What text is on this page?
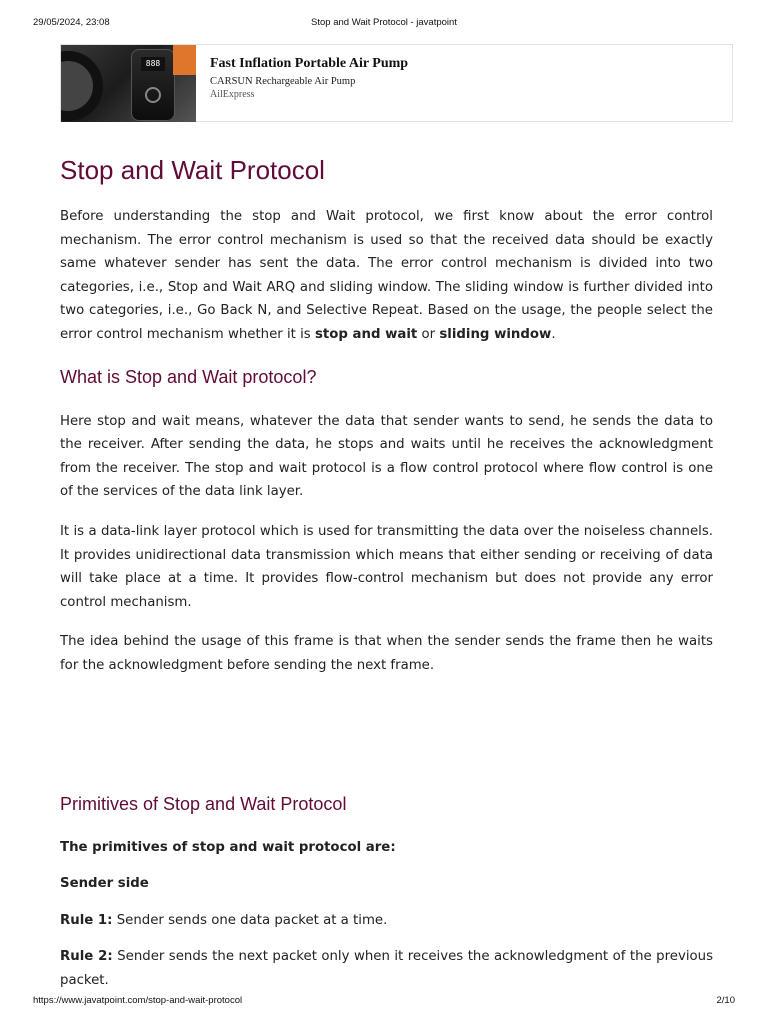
29/05/2024, 23:08	Stop and Wait Protocol - javatpoint
888	Fast Inflation Portable Air Pump
CARSUN Rechargeable Air Pump
AilExpress
Stop and Wait Protocol

Before understanding the stop and Wait protocol, we first know about the error control mechanism. The error control mechanism is used so that the received data should be exactly same whatever sender has sent the data. The error control mechanism is divided into two categories, i.e., Stop and Wait ARQ and sliding window. The sliding window is further divided into two categories, i.e., Go Back N, and Selective Repeat. Based on the usage, the people select the error control mechanism whether it is stop and wait or sliding window.

What is Stop and Wait protocol?

Here stop and wait means, whatever the data that sender wants to send, he sends the data to the receiver. After sending the data, he stops and waits until he receives the acknowledgment from the receiver. The stop and wait protocol is a flow control protocol where flow control is one of the services of the data link layer.

It is a data-link layer protocol which is used for transmitting the data over the noiseless channels. It provides unidirectional data transmission which means that either sending or receiving of data will take place at a time. It provides flow-control mechanism but does not provide any error control mechanism.

The idea behind the usage of this frame is that when the sender sends the frame then he waits for the acknowledgment before sending the next frame.

Primitives of Stop and Wait Protocol

The primitives of stop and wait protocol are:

Sender side

Rule 1: Sender sends one data packet at a time.

Rule 2: Sender sends the next packet only when it receives the acknowledgment of the previous packet.

https://www.javatpoint.com/stop-and-wait-protocol	2/10
